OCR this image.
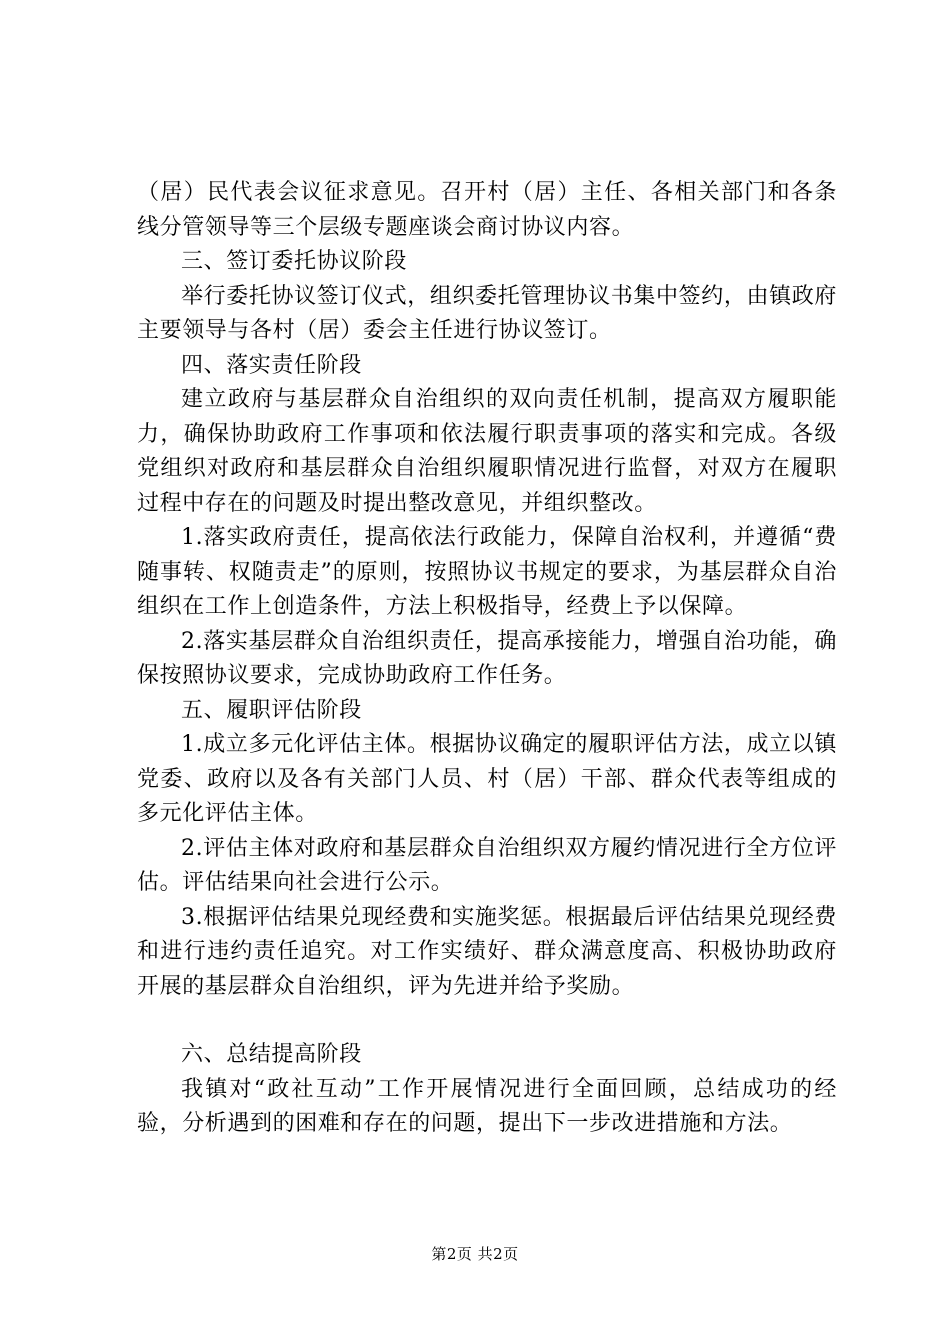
（居）民代表会议征求意见。召开村（居）主任、各相关部门和各条线分管领导等三个层级专题座谈会商讨协议内容。

三、签订委托协议阶段

举行委托协议签订仪式，组织委托管理协议书集中签约，由镇政府主要领导与各村（居）委会主任进行协议签订。

四、落实责任阶段

建立政府与基层群众自治组织的双向责任机制，提高双方履职能力，确保协助政府工作事项和依法履行职责事项的落实和完成。各级党组织对政府和基层群众自治组织履职情况进行监督，对双方在履职过程中存在的问题及时提出整改意见，并组织整改。

1.落实政府责任，提高依法行政能力，保障自治权利，并遵循“费随事转、权随责走”的原则，按照协议书规定的要求，为基层群众自治组织在工作上创造条件，方法上积极指导，经费上予以保障。

2.落实基层群众自治组织责任，提高承接能力，增强自治功能，确保按照协议要求，完成协助政府工作任务。

五、履职评估阶段

1.成立多元化评估主体。根据协议确定的履职评估方法，成立以镇党委、政府以及各有关部门人员、村（居）干部、群众代表等组成的多元化评估主体。

2.评估主体对政府和基层群众自治组织双方履约情况进行全方位评估。评估结果向社会进行公示。

3.根据评估结果兑现经费和实施奖惩。根据最后评估结果兑现经费和进行违约责任追究。对工作实绩好、群众满意度高、积极协助政府开展的基层群众自治组织，评为先进并给予奖励。

六、总结提高阶段

我镇对“政社互动”工作开展情况进行全面回顾，总结成功的经验，分析遇到的困难和存在的问题，提出下一步改进措施和方法。

第2页 共2页
